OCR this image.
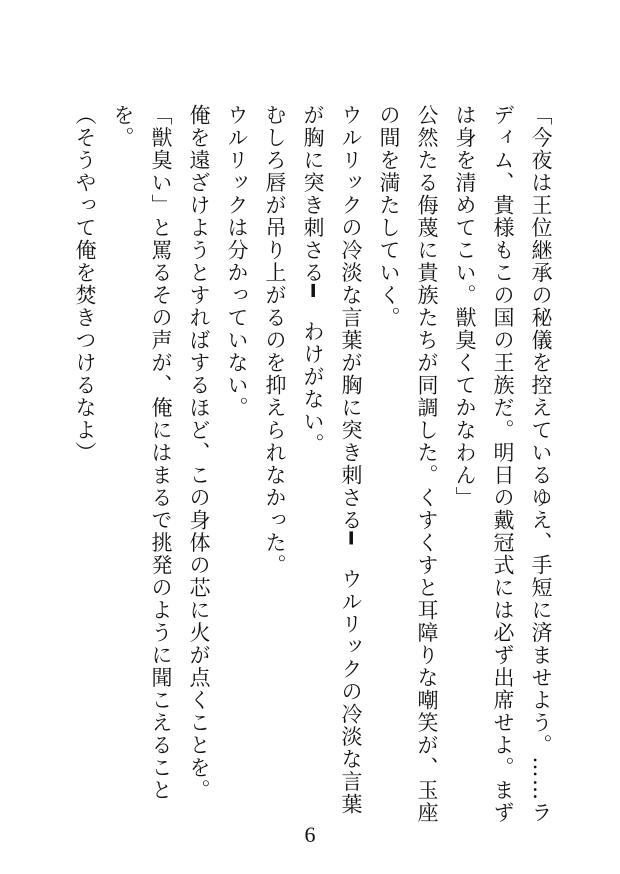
「今夜は王位継承の秘儀を控えているゆえ、手短に済ませよう。……ラディム、貴様もこの国の王族だ。明日の戴冠式には必ず出席せよ。まずは身を清めてこい。獣臭くてかなわん」

公然たる侮蔑に貴族たちが同調した。くすくすと耳障りな嘲笑が、玉座の間を満たしていく。

ウルリックの冷淡な言葉が胸に突き刺さる━　ウルリックの冷淡な言葉が胸に突き刺さる━　わけがない。

むしろ唇が吊り上がるのを抑えられなかった。

ウルリックは分かっていない。

俺を遠ざけようとすればするほど、この身体の芯に火が点くことを。

「獣臭い」と罵るその声が、俺にはまるで挑発のように聞こえることを。

（そうやって俺を焚きつけるなよ）

6
